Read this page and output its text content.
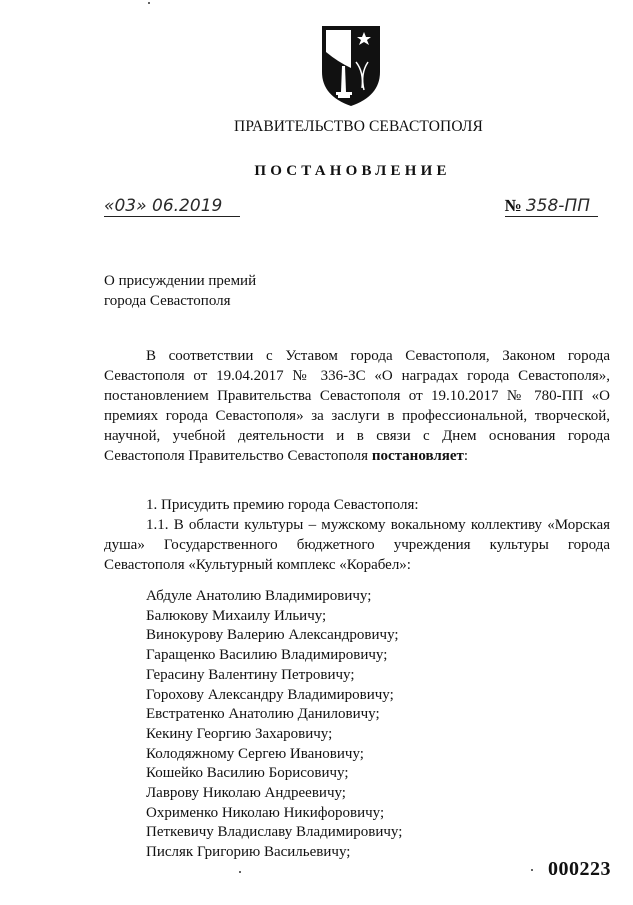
ПРАВИТЕЛЬСТВО СЕВАСТОПОЛЯ
ПОСТАНОВЛЕНИЕ
«03» 06.2019	№ 358-ПП
О присуждении премий
города Севастополя
В соответствии с Уставом города Севастополя, Законом города Севастополя от 19.04.2017 № 336-ЗС «О наградах города Севастополя», постановлением Правительства Севастополя от 19.10.2017 № 780-ПП «О премиях города Севастополя» за заслуги в профессиональной, творческой, научной, учебной деятельности и в связи с Днем основания города Севастополя Правительство Севастополя постановляет:
1. Присудить премию города Севастополя:
1.1. В области культуры – мужскому вокальному коллективу «Морская душа» Государственного бюджетного учреждения культуры города Севастополя «Культурный комплекс «Корабел»:
Абдуле Анатолию Владимировичу;
Балюкову Михаилу Ильичу;
Винокурову Валерию Александровичу;
Гаращенко Василию Владимировичу;
Герасину Валентину Петровичу;
Горохову Александру Владимировичу;
Евстратенко Анатолию Даниловичу;
Кекину Георгию Захаровичу;
Колодяжному Сергею Ивановичу;
Кошейко Василию Борисовичу;
Лаврову Николаю Андреевичу;
Охрименко Николаю Никифоровичу;
Петкевичу Владиславу Владимировичу;
Писляк Григорию Васильевичу;
000223
